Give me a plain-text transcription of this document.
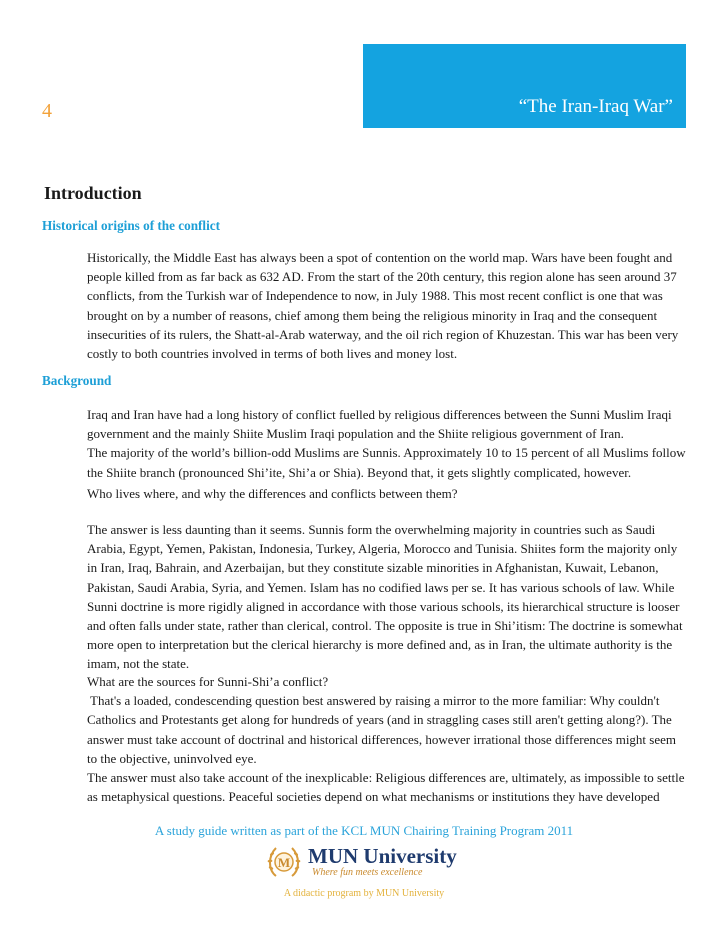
4	“The Iran-Iraq War”
Introduction
Historical origins of the conflict
Historically, the Middle East has always been a spot of contention on the world map. Wars have been fought and
people killed from as far back as 632 AD. From the start of the 20th century, this region alone has seen around 37
conflicts, from the Turkish war of Independence to now, in July 1988. This most recent conflict is one that was
brought on by a number of reasons, chief among them being the religious minority in Iraq and the consequent
insecurities of its rulers, the Shatt-al-Arab waterway, and the oil rich region of Khuzestan. This war has been very
costly to both countries involved in terms of both lives and money lost.
Background
Iraq and Iran have had a long history of conflict fuelled by religious differences between the Sunni Muslim Iraqi
government and the mainly Shiite Muslim Iraqi population and the Shiite religious government of Iran.
The majority of the world’s billion-odd Muslims are Sunnis. Approximately 10 to 15 percent of all Muslims follow
the Shiite branch (pronounced Shi’ite, Shi’a or Shia). Beyond that, it gets slightly complicated, however.
Who lives where, and why the differences and conflicts between them?
The answer is less daunting than it seems. Sunnis form the overwhelming majority in countries such as Saudi
Arabia, Egypt, Yemen, Pakistan, Indonesia, Turkey, Algeria, Morocco and Tunisia. Shiites form the majority only
in Iran, Iraq, Bahrain, and Azerbaijan, but they constitute sizable minorities in Afghanistan, Kuwait, Lebanon,
Pakistan, Saudi Arabia, Syria, and Yemen. Islam has no codified laws per se. It has various schools of law. While
Sunni doctrine is more rigidly aligned in accordance with those various schools, its hierarchical structure is looser
and often falls under state, rather than clerical, control. The opposite is true in Shi’itism: The doctrine is somewhat
more open to interpretation but the clerical hierarchy is more defined and, as in Iran, the ultimate authority is the
imam, not the state.
What are the sources for Sunni-Shi’a conflict?
That's a loaded, condescending question best answered by raising a mirror to the more familiar: Why couldn't
Catholics and Protestants get along for hundreds of years (and in straggling cases still aren't getting along?). The
answer must take account of doctrinal and historical differences, however irrational those differences might seem
to the objective, uninvolved eye.
The answer must also take account of the inexplicable: Religious differences are, ultimately, as impossible to settle
as metaphysical questions. Peaceful societies depend on what mechanisms or institutions they have developed
A study guide written as part of the KCL MUN Chairing Training Program 2011
M MUN University
Where fun meets excellence
A didactic program by MUN University
